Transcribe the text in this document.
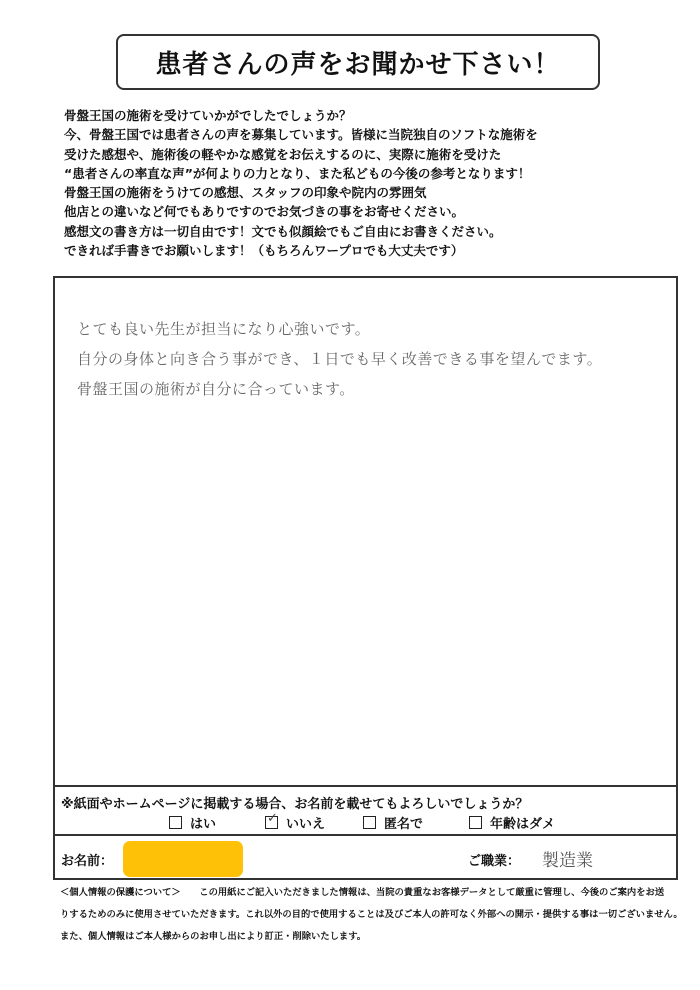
患者さんの声をお聞かせ下さい！
骨盤王国の施術を受けていかがでしたでしょうか？
今、骨盤王国では患者さんの声を募集しています。皆様に当院独自のソフトな施術を
受けた感想や、施術後の軽やかな感覚をお伝えするのに、実際に施術を受けた
“患者さんの率直な声”が何よりの力となり、また私どもの今後の参考となります！
骨盤王国の施術をうけての感想、スタッフの印象や院内の雰囲気
他店との違いなど何でもありですのでお気づきの事をお寄せください。
感想文の書き方は一切自由です！文でも似顔絵でもご自由にお書きください。
できれば手書きでお願いします！（もちろんワープロでも大丈夫です）
とても良い先生が担当になり心強いです。
自分の身体と向き合う事ができ、１日でも早く改善できる事を望んでます。
骨盤王国の施術が自分に合っています。
※紙面やホームページに掲載する場合、お名前を載せてもよろしいでしょうか？
はい	✓ いいえ	匿名で	年齢はダメ
お名前：	ご職業： 製造業
＜個人情報の保護について＞　　この用紙にご記入いただきました情報は、当院の貴重なお客様データとして厳重に管理し、今後のご案内をお送
りするためのみに使用させていただきます。これ以外の目的で使用することは及びご本人の許可なく外部への開示・提供する事は一切ございません。
また、個人情報はご本人様からのお申し出により訂正・削除いたします。
